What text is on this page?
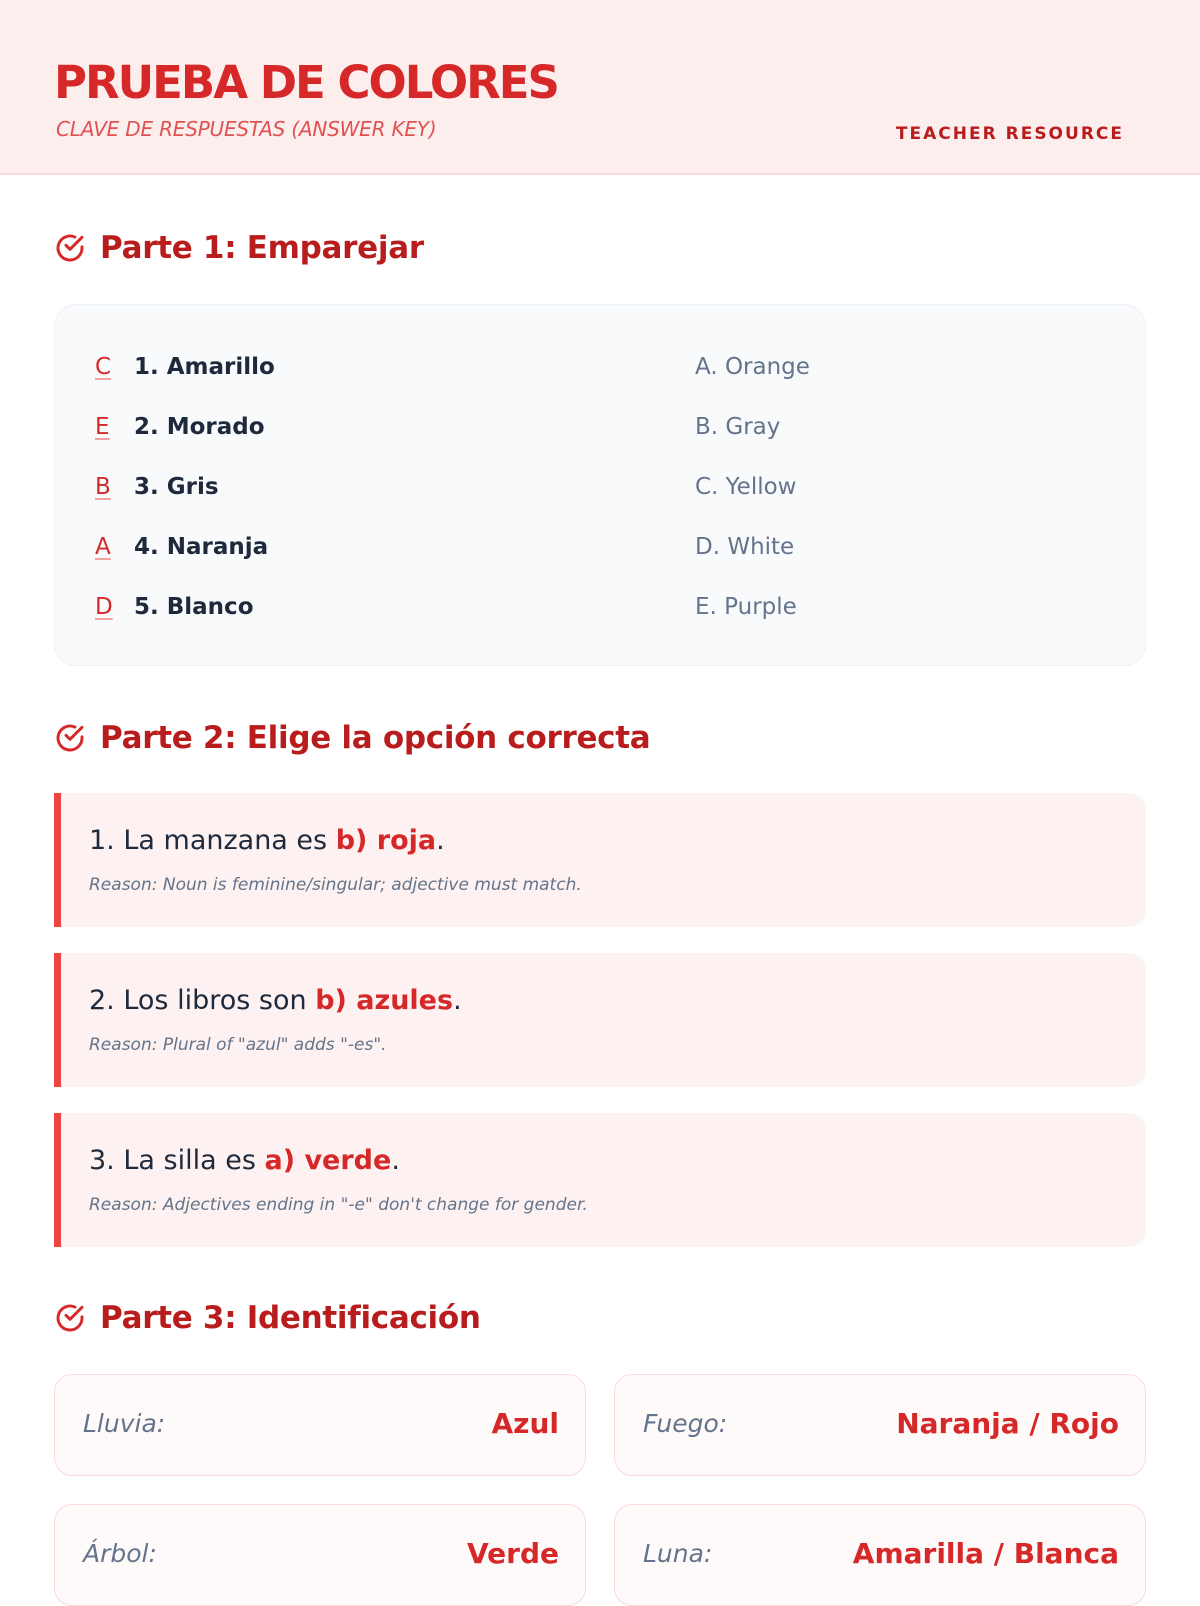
PRUEBA DE COLORES
CLAVE DE RESPUESTAS (ANSWER KEY)	TEACHER RESOURCE
Parte 1: Emparejar
C 1. Amarillo	A. Orange
E	2. Morado	B. Gray
B 3. Gris	C. Yellow
A 4. Naranja	D. White
D 5. Blanco	E. Purple
Parte 2: Elige la opción correcta
1. La manzana es b) roja.
Reason: Noun is feminine/singular; adjective must match.
2. Los libros son b) azules.
Reason: Plural of "azul" adds "-es".
3. La silla es a) verde.
Reason: Adjectives ending in "-e" don't change for gender.
Parte 3: Identificación
Lluvia:	Azul	Fuego:	Naranja / Rojo
Árbol:	Verde	Luna:	Amarilla / Blanca
